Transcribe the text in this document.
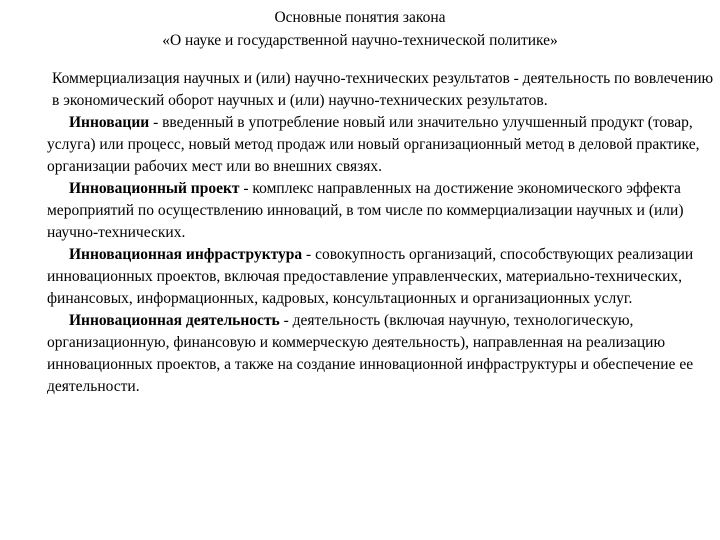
Основные понятия закона
«О науке и государственной научно-технической политике»

Коммерциализация научных и (или) научно-технических результатов - деятельность по вовлечению в экономический оборот научных и (или) научно-технических результатов.

Инновации - введенный в употребление новый или значительно улучшенный продукт (товар, услуга) или процесс, новый метод продаж или новый организационный метод в деловой практике, организации рабочих мест или во внешних связях.

Инновационный проект - комплекс направленных на достижение экономического эффекта мероприятий по осуществлению инноваций, в том числе по коммерциализации научных и (или) научно-технических.

Инновационная инфраструктура - совокупность организаций, способствующих реализации инновационных проектов, включая предоставление управленческих, материально-технических, финансовых, информационных, кадровых, консультационных и организационных услуг.

Инновационная деятельность - деятельность (включая научную, технологическую, организационную, финансовую и коммерческую деятельность), направленная на реализацию инновационных проектов, а также на создание инновационной инфраструктуры и обеспечение ее деятельности.
